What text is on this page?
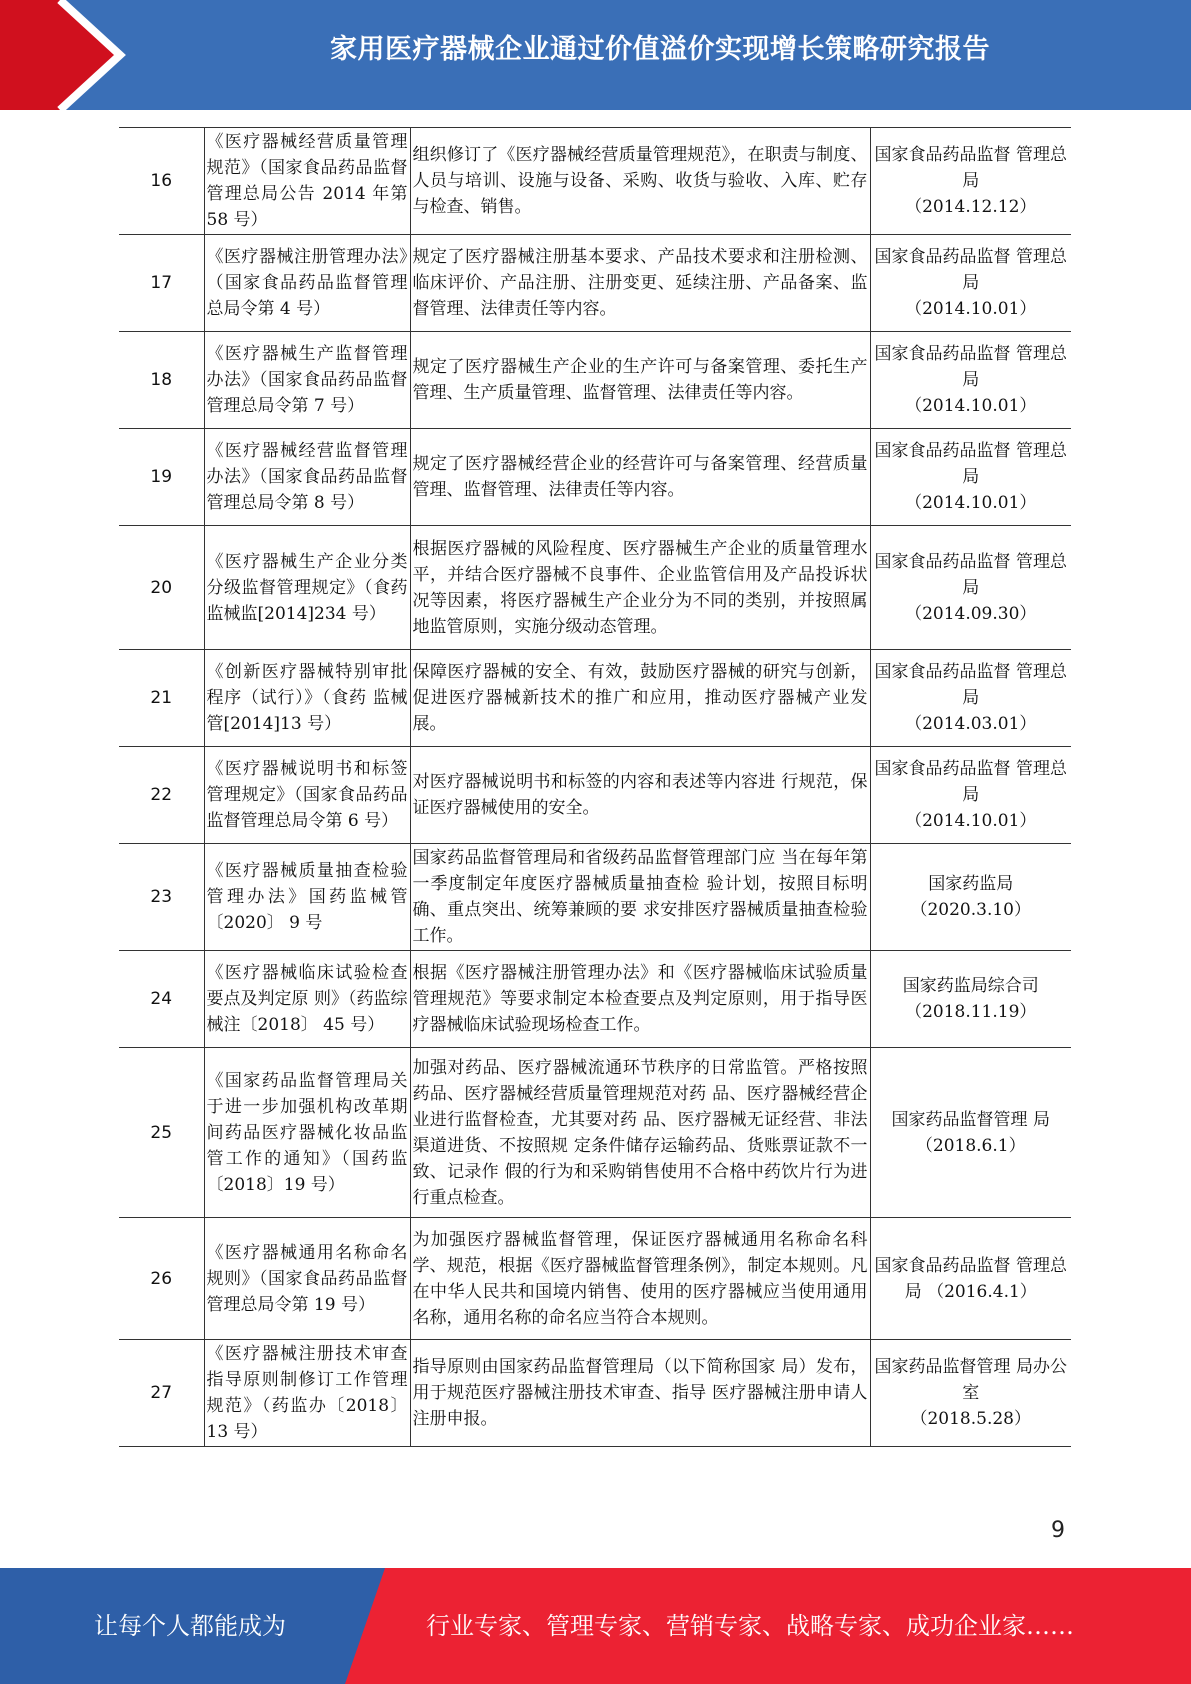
家用医疗器械企业通过价值溢价实现增长策略研究报告
16	《医疗器械经营质量管理规范》（国家食品药品监督管理总局公告 2014 年第 58 号）	组织修订了《医疗器械经营质量管理规范》，在职责与制度、人员与培训、设施与设备、采购、收货与验收、入库、贮存与检查、销售。	国家食品药品监督 管理总局
（2014.12.12）

17	《医疗器械注册管理办法》（国家食品药品监督管理总局令第 4 号）	规定了医疗器械注册基本要求、产品技术要求和注册检测、临床评价、产品注册、注册变更、延续注册、产品备案、监督管理、法律责任等内容。	国家食品药品监督 管理总局
（2014.10.01）

18	《医疗器械生产监督管理办法》（国家食品药品监督管理总局令第 7 号）	规定了医疗器械生产企业的生产许可与备案管理、委托生产管理、生产质量管理、监督管理、法律责任等内容。	国家食品药品监督 管理总局
（2014.10.01）

19	《医疗器械经营监督管理办法》（国家食品药品监督管理总局令第 8 号）	规定了医疗器械经营企业的经营许可与备案管理、经营质量管理、监督管理、法律责任等内容。	国家食品药品监督 管理总局
（2014.10.01）

20	《医疗器械生产企业分类分级监督管理规定》（食药监械监[2014]234 号）	根据医疗器械的风险程度、医疗器械生产企业的质量管理水平，并结合医疗器械不良事件、企业监管信用及产品投诉状况等因素，将医疗器械生产企业分为不同的类别，并按照属地监管原则，实施分级动态管理。	国家食品药品监督 管理总局
（2014.09.30）

21	《创新医疗器械特别审批程序（试行）》（食药 监械管[2014]13 号）	保障医疗器械的安全、有效，鼓励医疗器械的研究与创新，促进医疗器械新技术的推广和应用，推动医疗器械产业发展。	国家食品药品监督 管理总局
（2014.03.01）

22	《医疗器械说明书和标签管理规定》（国家食品药品监督管理总局令第 6 号）	对医疗器械说明书和标签的内容和表述等内容进 行规范，保证医疗器械使用的安全。	国家食品药品监督 管理总局
（2014.10.01）

23	《医疗器械质量抽查检验管理办法》国药监械管〔2020〕 9 号	国家药品监督管理局和省级药品监督管理部门应 当在每年第一季度制定年度医疗器械质量抽查检 验计划，按照目标明确、重点突出、统筹兼顾的要 求安排医疗器械质量抽查检验工作。	国家药监局
（2020.3.10）

24	《医疗器械临床试验检查要点及判定原 则》（药监综械注〔2018〕 45 号）	根据《医疗器械注册管理办法》和《医疗器械临床试验质量管理规范》等要求制定本检查要点及判定原则，用于指导医疗器械临床试验现场检查工作。	国家药监局综合司
（2018.11.19）

25	《国家药品监督管理局关于进一步加强机构改革期间药品医疗器械化妆品监管工作的通知》（国药监〔2018〕19 号）	加强对药品、医疗器械流通环节秩序的日常监管。严格按照药品、医疗器械经营质量管理规范对药 品、医疗器械经营企业进行监督检查，尤其要对药 品、医疗器械无证经营、非法渠道进货、不按照规 定条件储存运输药品、货账票证款不一致、记录作 假的行为和采购销售使用不合格中药饮片行为进 行重点检查。	国家药品监督管理 局
（2018.6.1）

26	《医疗器械通用名称命名规则》（国家食品药品监督管理总局令第 19 号）	为加强医疗器械监督管理，保证医疗器械通用名称命名科学、规范，根据《医疗器械监督管理条例》，制定本规则。凡在中华人民共和国境内销售、使用的医疗器械应当使用通用名称，通用名称的命名应当符合本规则。	国家食品药品监督 管理总局 （2016.4.1）

27	《医疗器械注册技术审查指导原则制修订工作管理规范》（药监办〔2018〕13 号）	指导原则由国家药品监督管理局（以下简称国家 局）发布，用于规范医疗器械注册技术审查、指导 医疗器械注册申请人注册申报。	国家药品监督管理 局办公室
（2018.5.28）
9
让每个人都能成为	行业专家、管理专家、营销专家、战略专家、成功企业家……
